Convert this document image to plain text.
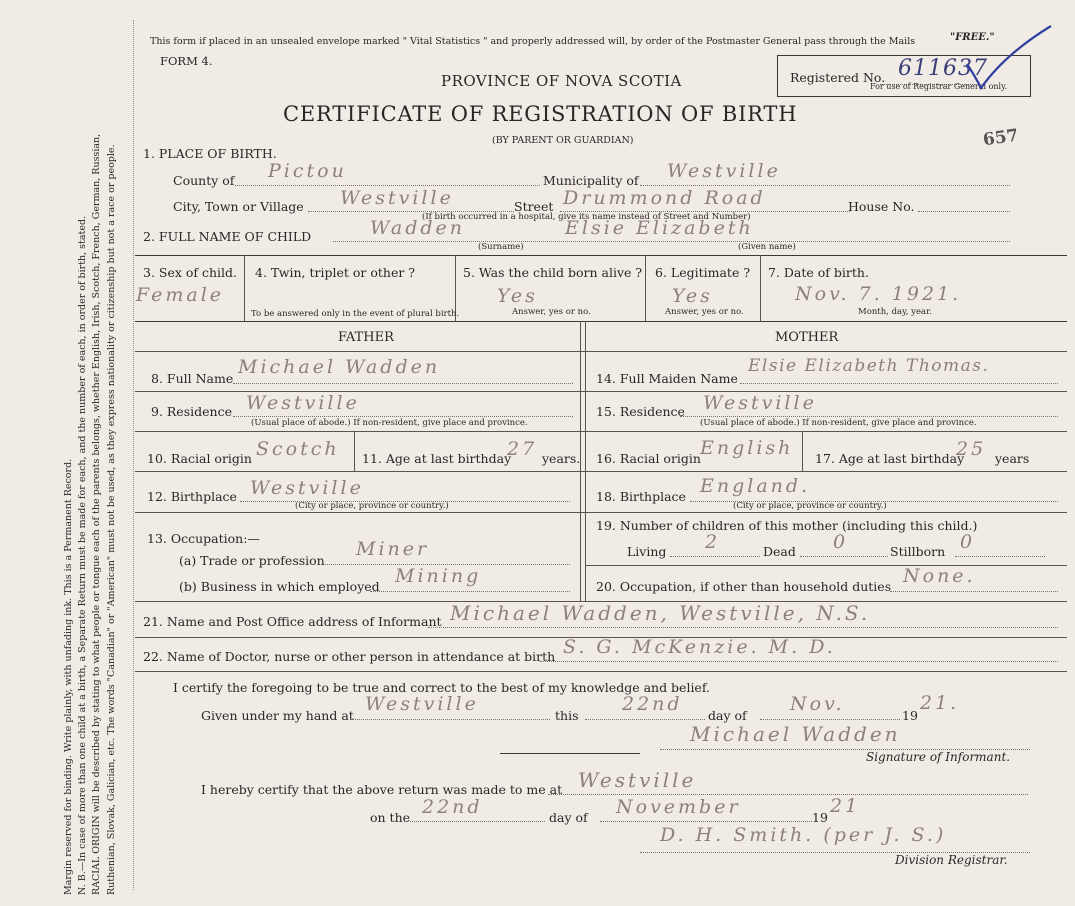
Margin reserved for binding. Write plainly, with unfading ink. This is a Permanent Record. N. B.—In case of more than one child at a birth, a Separate Return must be made for each, and the number of each, in order of birth, stated. RACIAL ORIGIN will be described by stating to what people or tongue each of the parents belongs, whether English, Irish, Scotch, French, German, Russian, Ruthenian, Slovak, Galician, etc. The words "Canadian" or "American" must not be used, as they express nationality or citizenship but not a race or people.
This form if placed in an unsealed envelope marked " Vital Statistics " and properly addressed will, by order of the Postmaster General pass through the Mails	"FREE."
FORM 4.
PROVINCE OF NOVA SCOTIA
CERTIFICATE OF REGISTRATION OF BIRTH
(BY PARENT OR GUARDIAN)
Registered No. 611637
For use of Registrar General only.
657
1. PLACE OF BIRTH.
County of Pictou	Municipality of Westville
City, Town or Village Westville	Street Drummond Road	House No.
(If birth occurred in a hospital, give its name instead of Street and Number)
2. FULL NAME OF CHILD	Wadden	Elsie Elizabeth
(Surname)	(Given name)
3. Sex of child.
Female
4. Twin, triplet or other ?
To be answered only in the event of plural birth.
5. Was the child born alive ?
Yes
Answer, yes or no.
6. Legitimate ?
Yes
Answer, yes or no.
7. Date of birth.
Nov. 7. 1921.
Month, day, year.
FATHER	MOTHER
8. Full Name
Michael Wadden
9. Residence Westville
(Usual place of abode.) If non-resident, give place and province.
10. Racial origin Scotch 11. Age at last birthday
27 years.
12. Birthplace Westville
(City or place, province or country.)
13. Occupation:—
(a) Trade or profession
Miner
(b) Business in which employed Mining
14. Full Maiden Name
Elsie Elizabeth Thomas.
15. Residence Westville
(Usual place of abode.) If non-resident, give place and province.
16. Racial origin English 17. Age at last birthday
25 years
18. Birthplace England.
(City or place, province or country.)
19. Number of children of this mother (including this child.)
Living 2	Dead 0	Stillborn 0
20. Occupation, if other than household duties None.
21. Name and Post Office address of Informant Michael Wadden, Westville, N.S.
22. Name of Doctor, nurse or other person in attendance at birth S. G. McKenzie. M. D.
I certify the foregoing to be true and correct to the best of my knowledge and belief.
Given under my hand at
Westville
this
22nd
day of
Nov.
19
21.
Michael Wadden
Signature of Informant.
I hereby certify that the above return was made to me at Westville
on the 22nd	day of November	19
21
D. H. Smith. (per J. S.)
Division Registrar.
